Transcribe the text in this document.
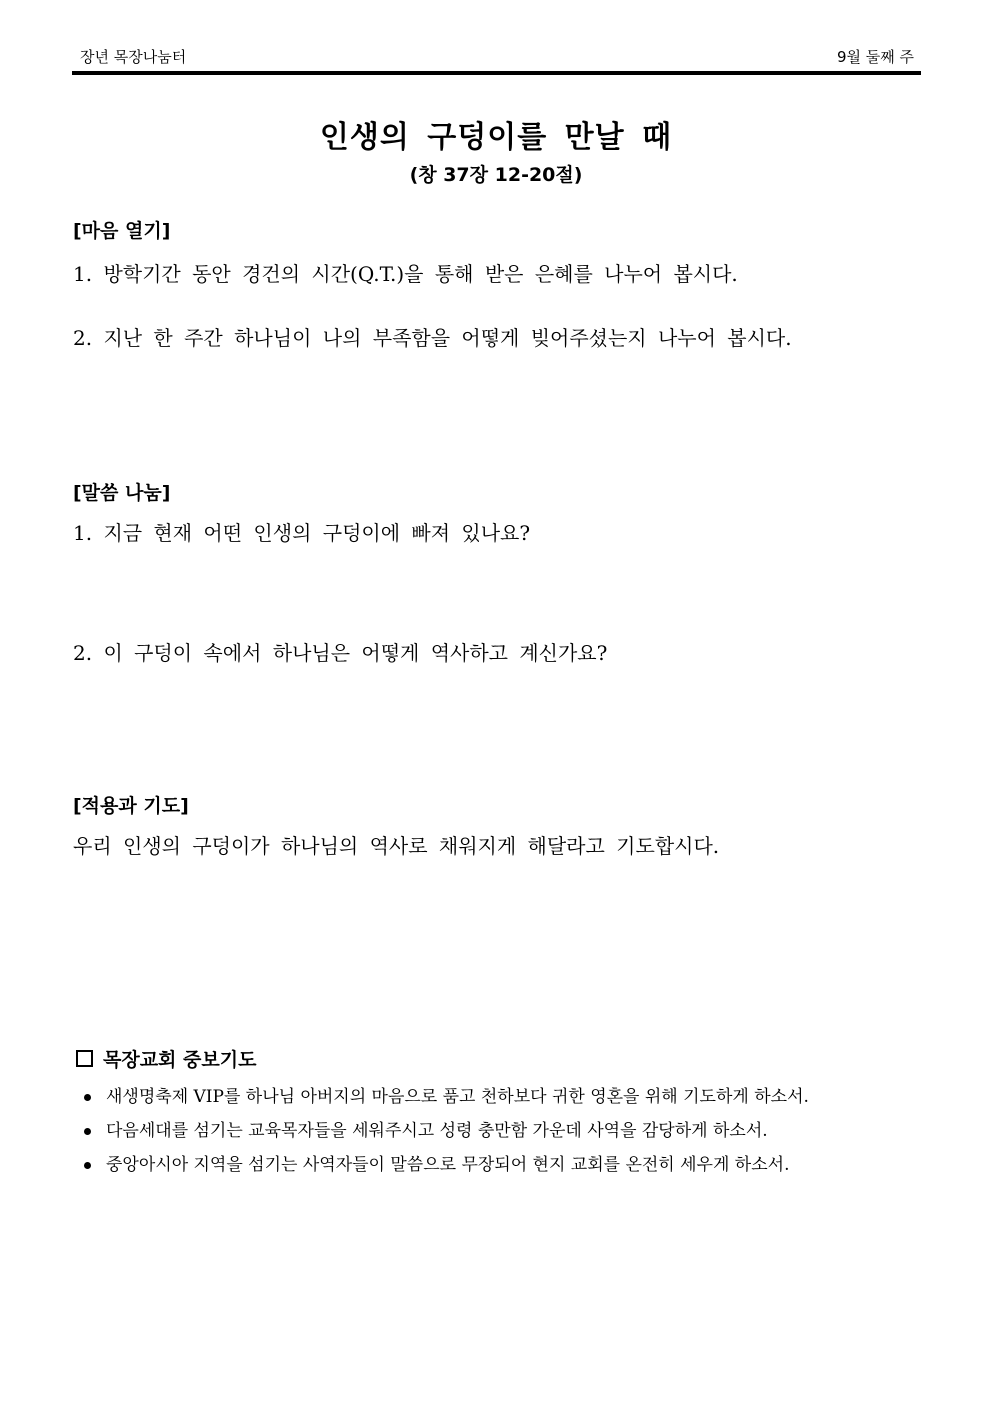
장년 목장나눔터	9월 둘째 주
인생의 구덩이를 만날 때
(창 37장 12-20절)
[마음 열기]
1. 방학기간 동안 경건의 시간(Q.T.)을 통해 받은 은혜를 나누어 봅시다.
2. 지난 한 주간 하나님이 나의 부족함을 어떻게 빚어주셨는지 나누어 봅시다.
[말씀 나눔]
1. 지금 현재 어떤 인생의 구덩이에 빠져 있나요?
2. 이 구덩이 속에서 하나님은 어떻게 역사하고 계신가요?
[적용과 기도]
우리 인생의 구덩이가 하나님의 역사로 채워지게 해달라고 기도합시다.
목장교회 중보기도
새생명축제 VIP를 하나님 아버지의 마음으로 품고 천하보다 귀한 영혼을 위해 기도하게 하소서.
다음세대를 섬기는 교육목자들을 세워주시고 성령 충만함 가운데 사역을 감당하게 하소서.
중앙아시아 지역을 섬기는 사역자들이 말씀으로 무장되어 현지 교회를 온전히 세우게 하소서.
